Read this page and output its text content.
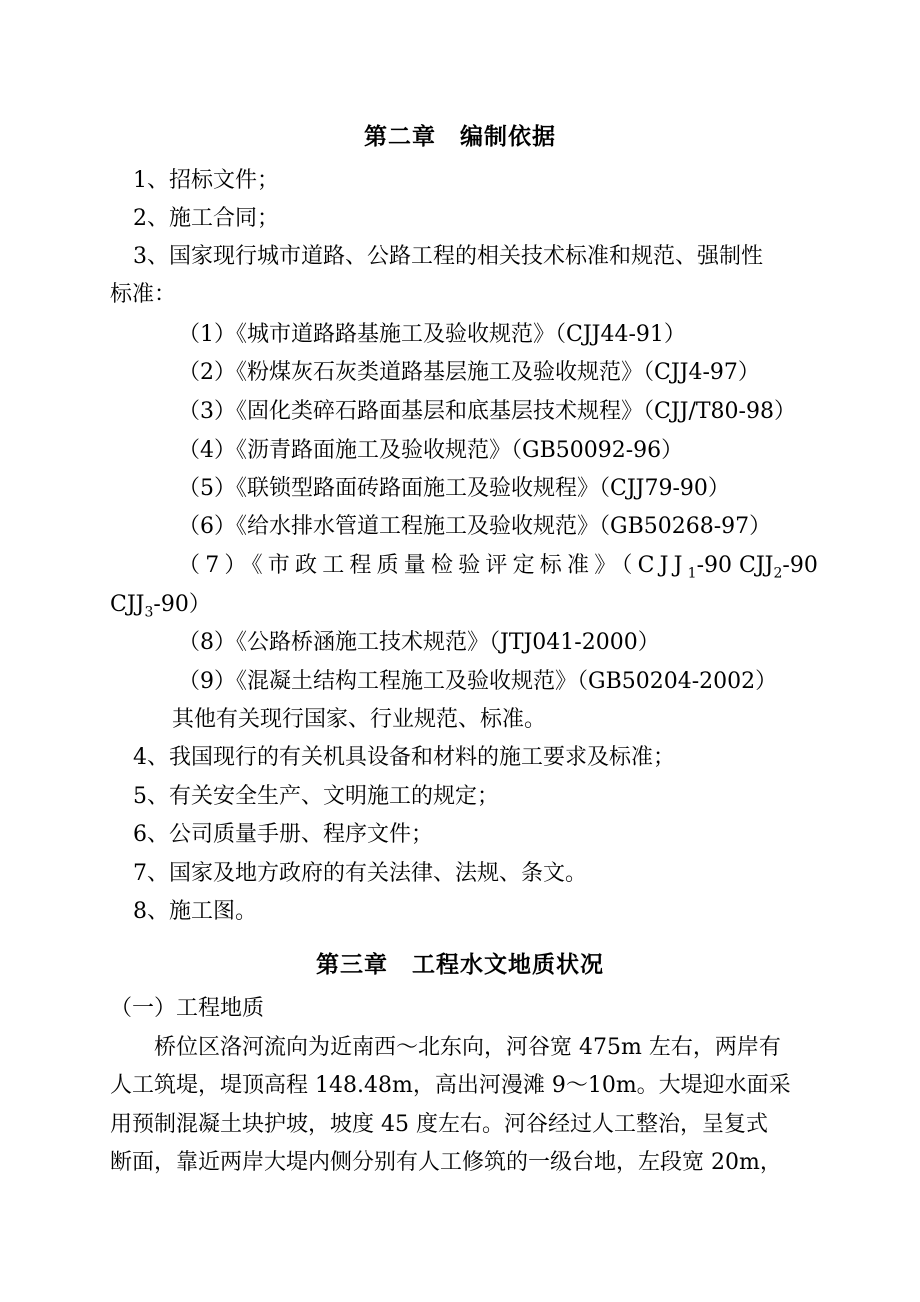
第二章　编制依据
1、招标文件；
2、施工合同；
3、国家现行城市道路、公路工程的相关技术标准和规范、强制性
标准：
（1）《城市道路路基施工及验收规范》（CJJ44-91）
（2）《粉煤灰石灰类道路基层施工及验收规范》（CJJ4-97）
（3）《固化类碎石路面基层和底基层技术规程》（CJJ/T80-98）
（4）《沥青路面施工及验收规范》（GB50092-96）
（5）《联锁型路面砖路面施工及验收规程》（CJJ79-90）
（6）《给水排水管道工程施工及验收规范》（GB50268-97）
（7）《市政工程质量检验评定标准》（$CJJ_1-90$ $CJJ_2-90$
$CJJ_3-90$）
（8）《公路桥涵施工技术规范》（JTJ041-2000）
（9）《混凝土结构工程施工及验收规范》（GB50204-2002）
其他有关现行国家、行业规范、标准。
4、我国现行的有关机具设备和材料的施工要求及标准；
5、有关安全生产、文明施工的规定；
6、公司质量手册、程序文件；
7、国家及地方政府的有关法律、法规、条文。
8、施工图。
第三章　工程水文地质状况
（一）工程地质
　桥位区洛河流向为近南西～北东向，河谷宽 475m 左右，两岸有
人工筑堤，堤顶高程 148.48m，高出河漫滩 9～10m。大堤迎水面采
用预制混凝土块护坡，坡度 45 度左右。河谷经过人工整治，呈复式
断面，靠近两岸大堤内侧分别有人工修筑的一级台地，左段宽 20m，
